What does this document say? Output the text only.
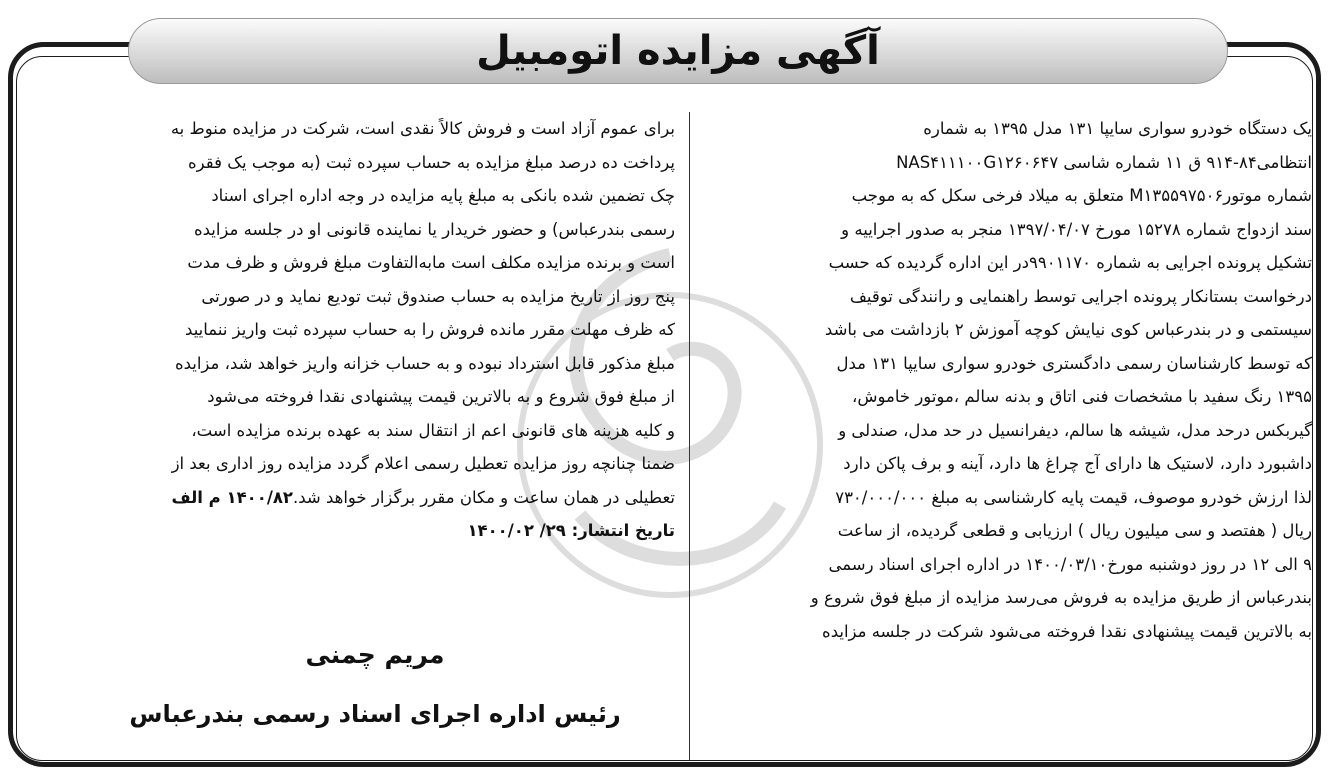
آگهی مزایده اتومبیل
یک دستگاه خودرو سواری سایپا ۱۳۱ مدل ۱۳۹۵ به شماره
انتظامی۸۴-۹۱۴ ق ۱۱ شماره شاسی NAS۴۱۱۱۰۰G۱۲۶۰۶۴۷
شماره موتورM۱۳۵۵۹۷۵۰۶ متعلق به میلاد فرخی سکل که به موجب
سند ازدواج شماره ۱۵۲۷۸ مورخ ۱۳۹۷/۰۴/۰۷ منجر به صدور اجراییه و
تشکیل پرونده اجرایی به شماره ۹۹۰۱۱۷۰در این اداره گردیده که حسب
درخواست بستانکار پرونده اجرایی توسط راهنمایی و رانندگی توقیف
سیستمی و در بندرعباس کوی نیایش کوچه آموزش ۲ بازداشت می باشد
که توسط کارشناسان رسمی دادگستری خودرو سواری سایپا ۱۳۱ مدل
۱۳۹۵ رنگ سفید با مشخصات فنی اتاق و بدنه سالم ،موتور خاموش،
گیربکس درحد مدل، شیشه ها سالم، دیفرانسیل در حد مدل، صندلی و
داشبورد دارد، لاستیک ها دارای آج چراغ ها دارد، آینه و برف پاکن دارد
لذا ارزش خودرو موصوف، قیمت پایه کارشناسی به مبلغ ۷۳۰/۰۰۰/۰۰۰
ریال ( هفتصد و سی میلیون ریال ) ارزیابی و قطعی گردیده، از ساعت
۹ الی ۱۲ در روز دوشنبه مورخ۱۴۰۰/۰۳/۱۰ در اداره اجرای اسناد رسمی
بندرعباس از طریق مزایده به فروش می‌رسد مزایده از مبلغ فوق شروع و
به بالاترین قیمت پیشنهادی نقدا فروخته می‌شود شرکت در جلسه مزایده
برای عموم آزاد است و فروش کالاً نقدی است، شرکت در مزایده منوط به
پرداخت ده درصد مبلغ مزایده به حساب سپرده ثبت (به موجب یک فقره
چک تضمین شده بانکی به مبلغ پایه مزایده در وجه اداره اجرای اسناد
رسمی بندرعباس) و حضور خریدار یا نماینده قانونی او در جلسه مزایده
است و برنده مزایده مکلف است مابه‌التفاوت مبلغ فروش و ظرف مدت
پنج روز از تاریخ مزایده به حساب صندوق ثبت تودیع نماید و در صورتی
که ظرف مهلت مقرر مانده فروش را به حساب سپرده ثبت واریز ننمایید
مبلغ مذکور قابل استرداد نبوده و به حساب خزانه واریز خواهد شد، مزایده
از مبلغ فوق شروع و به بالاترین قیمت پیشنهادی نقدا فروخته می‌شود
و کلیه هزینه های قانونی اعم از انتقال سند به عهده برنده مزایده است،
ضمنا چنانچه روز مزایده تعطیل رسمی اعلام گردد مزایده روز اداری بعد از
تعطیلی در همان ساعت و مکان مقرر برگزار خواهد شد.۱۴۰۰/۸۲ م الف
تاریخ انتشار: ۲۹/ ۱۴۰۰/۰۲
مریم چمنی
رئیس اداره اجرای اسناد رسمی بندرعباس
